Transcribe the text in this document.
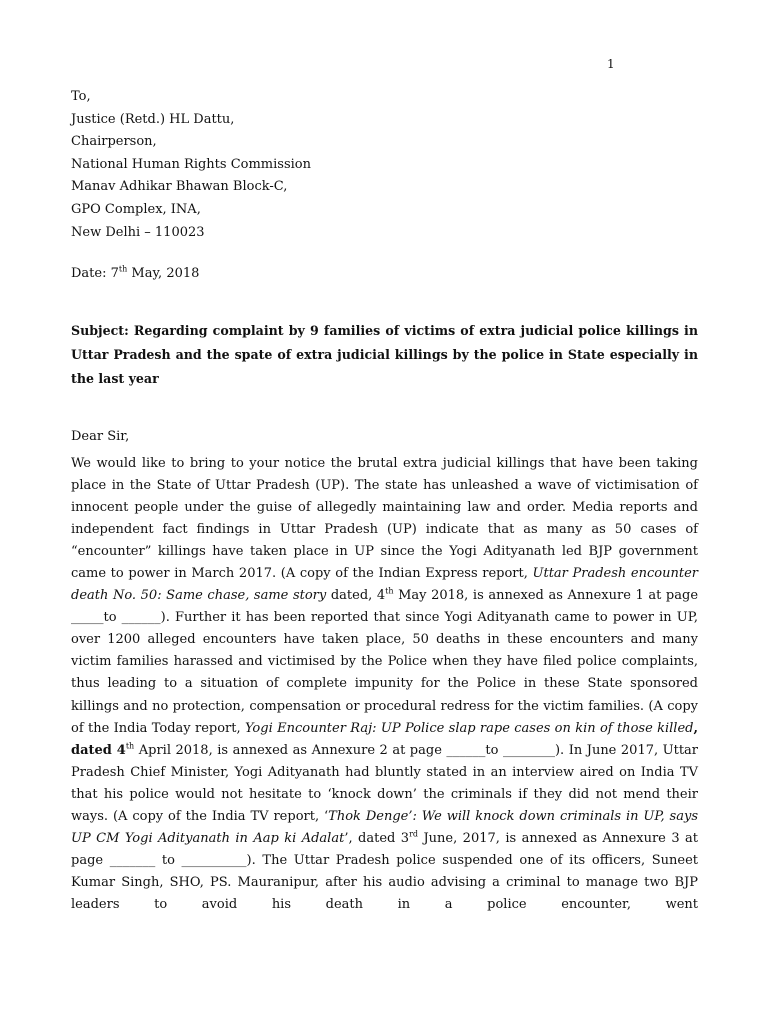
1
To,
Justice (Retd.) HL Dattu,
Chairperson,
National Human Rights Commission
Manav Adhikar Bhawan Block-C,
GPO Complex, INA,
New Delhi – 110023
Date: 7th May, 2018
Subject: Regarding complaint by 9 families of victims of extra judicial police killings in Uttar Pradesh and the spate of extra judicial killings by the police in State especially in the last year
Dear Sir,

We would like to bring to your notice the brutal extra judicial killings that have been taking place in the State of Uttar Pradesh (UP). The state has unleashed a wave of victimisation of innocent people under the guise of allegedly maintaining law and order. Media reports and independent fact findings in Uttar Pradesh (UP) indicate that as many as 50 cases of “encounter” killings have taken place in UP since the Yogi Adityanath led BJP government came to power in March 2017. (A copy of the Indian Express report, Uttar Pradesh encounter death No. 50: Same chase, same story dated, 4th May 2018, is annexed as Annexure 1 at page _____to ______). Further it has been reported that since Yogi Adityanath came to power in UP, over 1200 alleged encounters have taken place, 50 deaths in these encounters and many victim families harassed and victimised by the Police when they have filed police complaints, thus leading to a situation of complete impunity for the Police in these State sponsored killings and no protection, compensation or procedural redress for the victim families. (A copy of the India Today report, Yogi Encounter Raj: UP Police slap rape cases on kin of those killed, dated 4th April 2018, is annexed as Annexure 2 at page ______to ________). In June 2017, Uttar Pradesh Chief Minister, Yogi Adityanath had bluntly stated in an interview aired on India TV that his police would not hesitate to ‘knock down’ the criminals if they did not mend their ways. (A copy of the India TV report, ‘Thok Denge’: We will knock down criminals in UP, says UP CM Yogi Adityanath in Aap ki Adalat’, dated 3rd June, 2017, is annexed as Annexure 3 at page _______ to __________). The Uttar Pradesh police suspended one of its officers, Suneet Kumar Singh, SHO, PS. Mauranipur, after his audio advising a criminal to manage two BJP leaders to avoid his death in a police encounter, went
